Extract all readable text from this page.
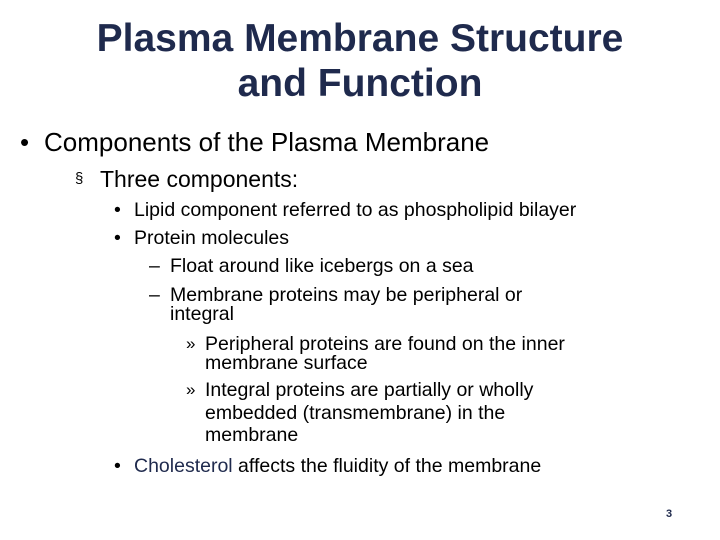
Plasma Membrane Structure
and Function
• Components of the Plasma Membrane
§ Three components:
• Lipid component referred to as phospholipid bilayer
• Protein molecules
– Float around like icebergs on a sea
– Membrane proteins may be peripheral or
integral
» Peripheral proteins are found on the inner
membrane surface
» Integral proteins are partially or wholly
embedded (transmembrane) in the
membrane
• Cholesterol affects the fluidity of the membrane
3
